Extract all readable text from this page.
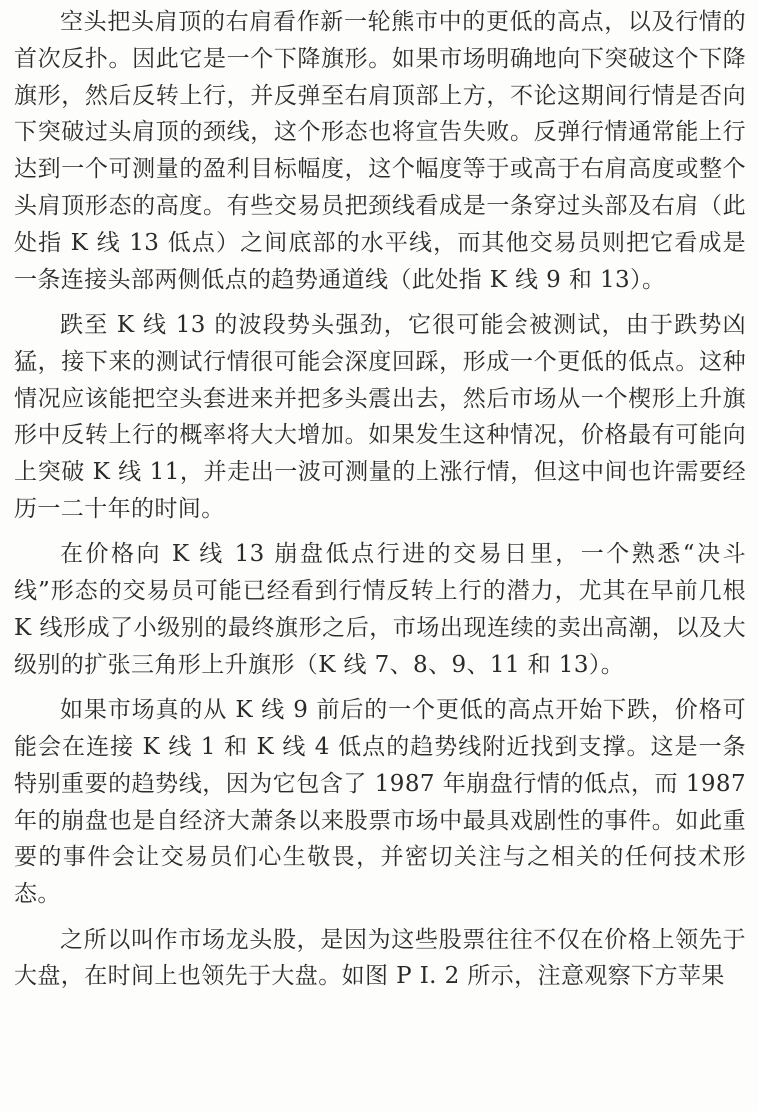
空头把头肩顶的右肩看作新一轮熊市中的更低的高点，以及行情的首次反扑。因此它是一个下降旗形。如果市场明确地向下突破这个下降旗形，然后反转上行，并反弹至右肩顶部上方，不论这期间行情是否向下突破过头肩顶的颈线，这个形态也将宣告失败。反弹行情通常能上行达到一个可测量的盈利目标幅度，这个幅度等于或高于右肩高度或整个头肩顶形态的高度。有些交易员把颈线看成是一条穿过头部及右肩（此处指 K 线 13 低点）之间底部的水平线，而其他交易员则把它看成是一条连接头部两侧低点的趋势通道线（此处指 K 线 9 和 13）。

跌至 K 线 13 的波段势头强劲，它很可能会被测试，由于跌势凶猛，接下来的测试行情很可能会深度回踩，形成一个更低的低点。这种情况应该能把空头套进来并把多头震出去，然后市场从一个楔形上升旗形中反转上行的概率将大大增加。如果发生这种情况，价格最有可能向上突破 K 线 11，并走出一波可测量的上涨行情，但这中间也许需要经历一二十年的时间。

在价格向 K 线 13 崩盘低点行进的交易日里，一个熟悉“决斗线”形态的交易员可能已经看到行情反转上行的潜力，尤其在早前几根 K 线形成了小级别的最终旗形之后，市场出现连续的卖出高潮，以及大级别的扩张三角形上升旗形（K 线 7、8、9、11 和 13）。

如果市场真的从 K 线 9 前后的一个更低的高点开始下跌，价格可能会在连接 K 线 1 和 K 线 4 低点的趋势线附近找到支撑。这是一条特别重要的趋势线，因为它包含了 1987 年崩盘行情的低点，而 1987 年的崩盘也是自经济大萧条以来股票市场中最具戏剧性的事件。如此重要的事件会让交易员们心生敬畏，并密切关注与之相关的任何技术形态。

之所以叫作市场龙头股，是因为这些股票往往不仅在价格上领先于大盘，在时间上也领先于大盘。如图 P Ⅰ. 2 所示，注意观察下方苹果
